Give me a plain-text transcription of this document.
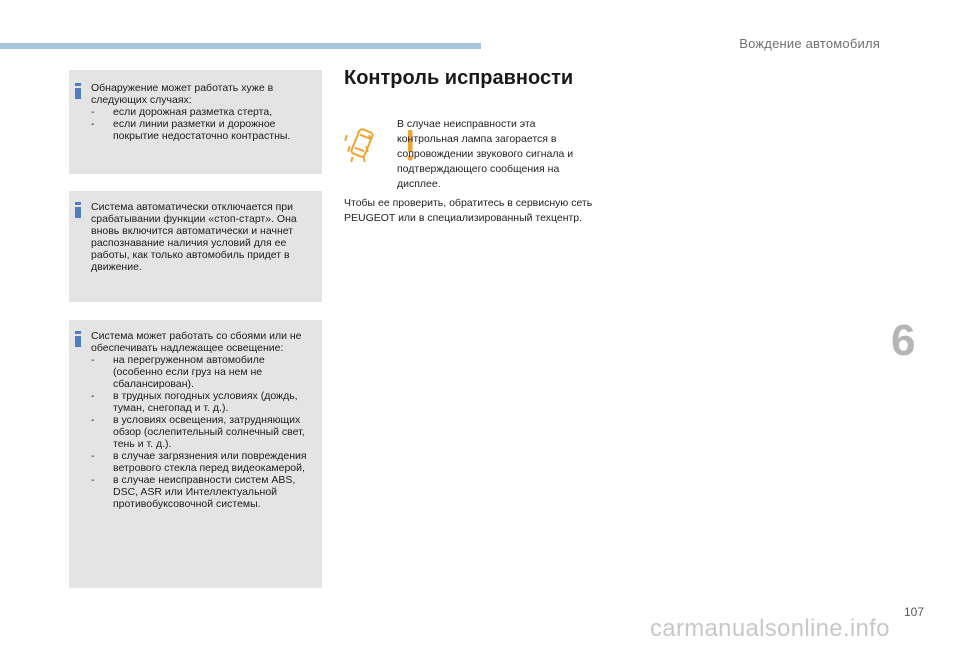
Вождение автомобиля

Обнаружение может работать хуже в следующих случаях:

- если дорожная разметка стерта,
- если линии разметки и дорожное покрытие недостаточно контрастны.

Система автоматически отключается при срабатывании функции «стоп-старт». Она вновь включится автоматически и начнет распознавание наличия условий для ее работы, как только автомобиль придет в движение.

Система может работать со сбоями или не обеспечивать надлежащее освещение:

- на перегруженном автомобиле (особенно если груз на нем не сбалансирован).
- в трудных погодных условиях (дождь, туман, снегопад и т. д.).
- в условиях освещения, затрудняющих обзор (ослепительный солнечный свет, тень и т. д.).
- в случае загрязнения или повреждения ветрового стекла перед видеокамерой,
- в случае неисправности систем ABS, DSC, ASR или Интеллектуальной противобуксовочной системы.
Контроль исправности

В случае неисправности эта контрольная лампа загорается в сопровождении звукового сигнала и подтверждающего сообщения на дисплее.

Чтобы ее проверить, обратитесь в сервисную сеть PEUGEOT или в специализированный техцентр.

6
107
carmanualsonline.info
